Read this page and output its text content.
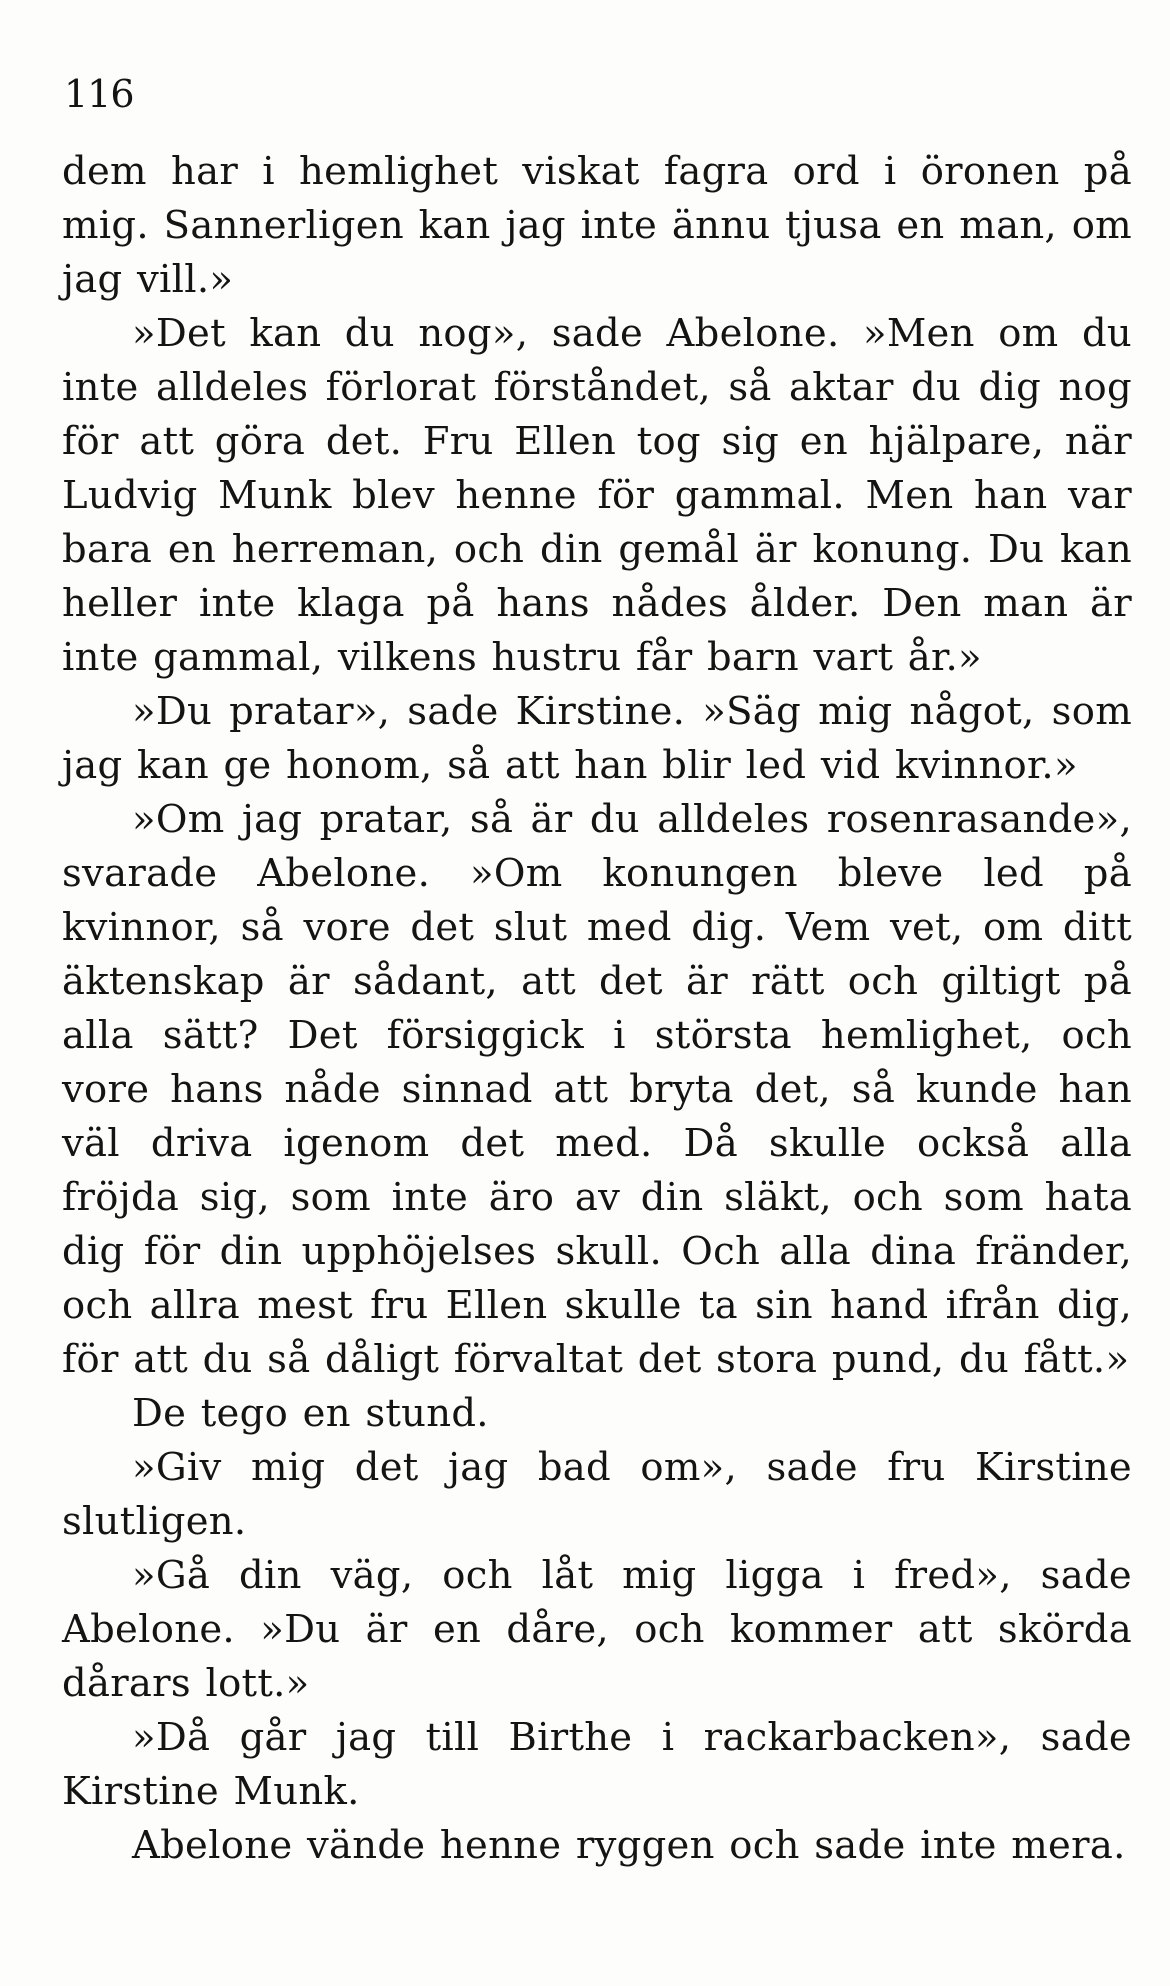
116

dem har i hemlighet viskat fagra ord i öronen på mig. Sannerligen kan jag inte ännu tjusa en man, om jag vill.»

»Det kan du nog», sade Abelone. »Men om du inte alldeles förlorat förståndet, så aktar du dig nog för att göra det. Fru Ellen tog sig en hjälpare, när Ludvig Munk blev henne för gammal. Men han var bara en herreman, och din gemål är konung. Du kan heller inte klaga på hans nådes ålder. Den man är inte gammal, vilkens hustru får barn vart år.»

»Du pratar», sade Kirstine. »Säg mig något, som jag kan ge honom, så att han blir led vid kvinnor.»

»Om jag pratar, så är du alldeles rosenrasande», svarade Abelone. »Om konungen bleve led på kvinnor, så vore det slut med dig. Vem vet, om ditt äktenskap är sådant, att det är rätt och giltigt på alla sätt? Det försiggick i största hemlighet, och vore hans nåde sinnad att bryta det, så kunde han väl driva igenom det med. Då skulle också alla fröjda sig, som inte äro av din släkt, och som hata dig för din upphöjelses skull. Och alla dina fränder, och allra mest fru Ellen skulle ta sin hand ifrån dig, för att du så dåligt förvaltat det stora pund, du fått.»

De tego en stund.

»Giv mig det jag bad om», sade fru Kirstine slutligen.

»Gå din väg, och låt mig ligga i fred», sade Abelone. »Du är en dåre, och kommer att skörda dårars lott.»

»Då går jag till Birthe i rackarbacken», sade Kirstine Munk.

Abelone vände henne ryggen och sade inte mera.
